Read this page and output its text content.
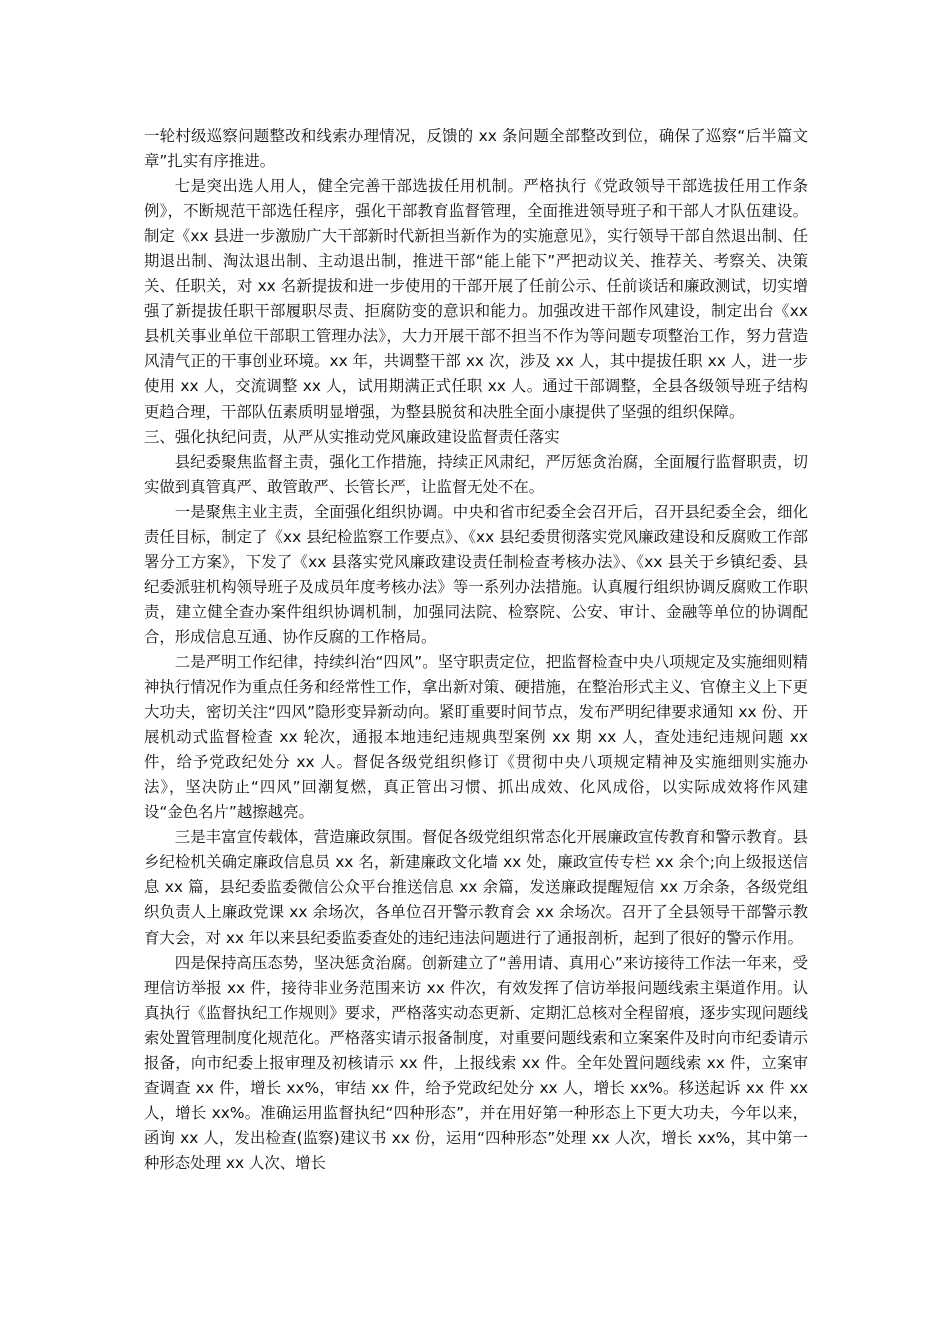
一轮村级巡察问题整改和线索办理情况，反馈的 xx 条问题全部整改到位，确保了巡察“后半篇文章”扎实有序推进。

七是突出选人用人，健全完善干部选拔任用机制。严格执行《党政领导干部选拔任用工作条例》，不断规范干部选任程序，强化干部教育监督管理，全面推进领导班子和干部人才队伍建设。制定《xx 县进一步激励广大干部新时代新担当新作为的实施意见》，实行领导干部自然退出制、任期退出制、淘汰退出制、主动退出制，推进干部“能上能下”严把动议关、推荐关、考察关、决策关、任职关，对 xx 名新提拔和进一步使用的干部开展了任前公示、任前谈话和廉政测试，切实增强了新提拔任职干部履职尽责、拒腐防变的意识和能力。加强改进干部作风建设，制定出台《xx 县机关事业单位干部职工管理办法》，大力开展干部不担当不作为等问题专项整治工作，努力营造风清气正的干事创业环境。xx 年，共调整干部 xx 次，涉及 xx 人，其中提拔任职 xx 人，进一步使用 xx 人，交流调整 xx 人，试用期满正式任职 xx 人。通过干部调整，全县各级领导班子结构更趋合理，干部队伍素质明显增强，为整县脱贫和决胜全面小康提供了坚强的组织保障。

三、强化执纪问责，从严从实推动党风廉政建设监督责任落实

县纪委聚焦监督主责，强化工作措施，持续正风肃纪，严厉惩贪治腐，全面履行监督职责，切实做到真管真严、敢管敢严、长管长严，让监督无处不在。

一是聚焦主业主责，全面强化组织协调。中央和省市纪委全会召开后，召开县纪委全会，细化责任目标，制定了《xx 县纪检监察工作要点》、《xx 县纪委贯彻落实党风廉政建设和反腐败工作部署分工方案》，下发了《xx 县落实党风廉政建设责任制检查考核办法》、《xx 县关于乡镇纪委、县纪委派驻机构领导班子及成员年度考核办法》等一系列办法措施。认真履行组织协调反腐败工作职责，建立健全查办案件组织协调机制，加强同法院、检察院、公安、审计、金融等单位的协调配合，形成信息互通、协作反腐的工作格局。

二是严明工作纪律，持续纠治“四风”。坚守职责定位，把监督检查中央八项规定及实施细则精神执行情况作为重点任务和经常性工作，拿出新对策、硬措施，在整治形式主义、官僚主义上下更大功夫，密切关注“四风”隐形变异新动向。紧盯重要时间节点，发布严明纪律要求通知 xx 份、开展机动式监督检查 xx 轮次，通报本地违纪违规典型案例 xx 期 xx 人，查处违纪违规问题 xx 件，给予党政纪处分 xx 人。督促各级党组织修订《贯彻中央八项规定精神及实施细则实施办法》，坚决防止“四风”回潮复燃，真正管出习惯、抓出成效、化风成俗，以实际成效将作风建 设“金色名片”越擦越亮。

三是丰富宣传载体，营造廉政氛围。督促各级党组织常态化开展廉政宣传教育和警示教育。县乡纪检机关确定廉政信息员 xx 名，新建廉政文化墙 xx 处，廉政宣传专栏 xx 余个;向上级报送信息 xx 篇，县纪委监委微信公众平台推送信息 xx 余篇，发送廉政提醒短信 xx 万余条，各级党组织负责人上廉政党课 xx 余场次，各单位召开警示教育会 xx 余场次。召开了全县领导干部警示教育大会，对 xx 年以来县纪委监委查处的违纪违法问题进行了通报剖析，起到了很好的警示作用。

四是保持高压态势，坚决惩贪治腐。创新建立了“善用请、真用心”来访接待工作法一年来，受理信访举报 xx 件，接待非业务范围来访 xx 件次，有效发挥了信访举报问题线索主渠道作用。认真执行《监督执纪工作规则》要求，严格落实动态更新、定期汇总核对全程留痕，逐步实现问题线索处置管理制度化规范化。严格落实请示报备制度，对重要问题线索和立案案件及时向市纪委请示报备，向市纪委上报审理及初核请示 xx 件，上报线索 xx 件。全年处置问题线索 xx 件，立案审查调查 xx 件，增长 xx%，审结 xx 件，给予党政纪处分 xx 人，增长 xx%。移送起诉 xx 件 xx 人，增长 xx%。准确运用监督执纪“四种形态”，并在用好第一种形态上下更大功夫，今年以来，函询 xx 人，发出检查(监察)建议书 xx 份，运用“四种形态”处理 xx 人次，增长 xx%，其中第一种形态处理 xx 人次、增长
